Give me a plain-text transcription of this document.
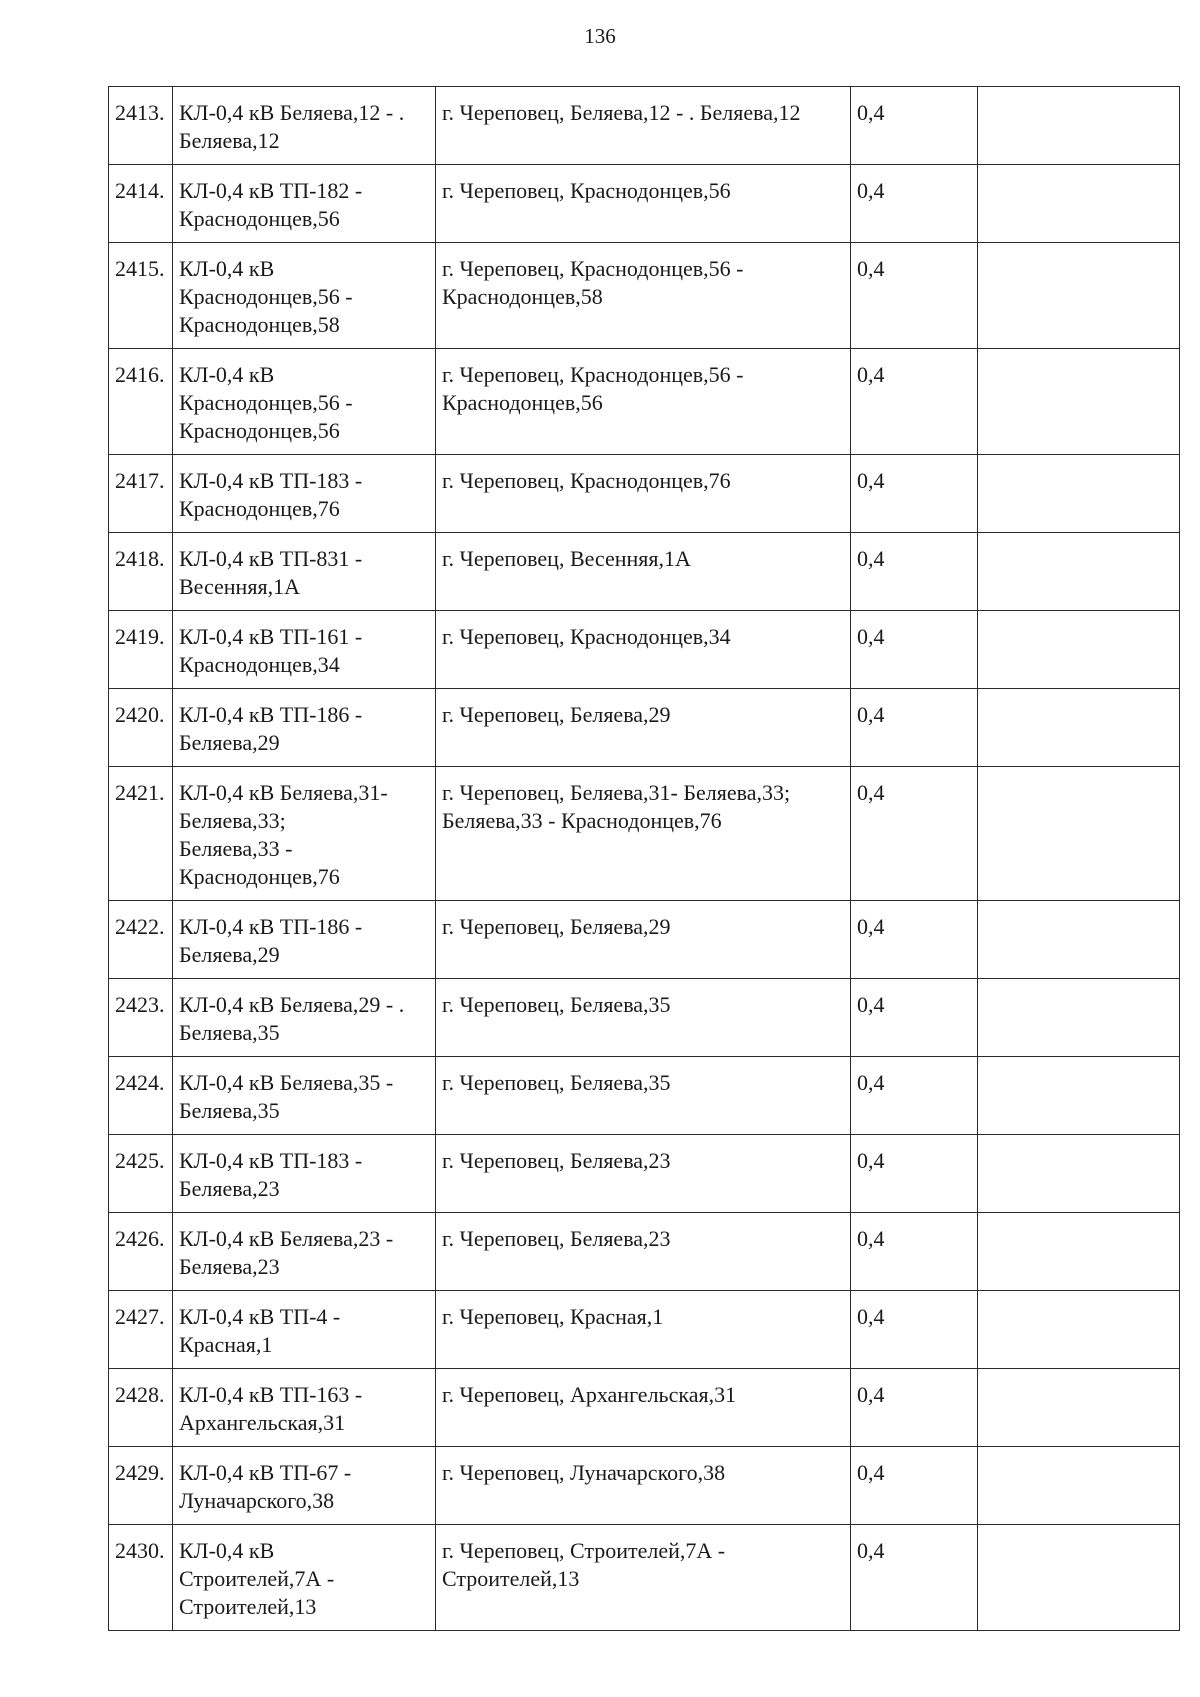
136
2413.	КЛ-0,4 кВ Беляева,12 - .
Беляева,12	г. Череповец, Беляева,12 - . Беляева,12	0,4	
2414.	КЛ-0,4 кВ ТП-182 -
Краснодонцев,56	г. Череповец, Краснодонцев,56	0,4	
2415.	КЛ-0,4 кВ
Краснодонцев,56 -
Краснодонцев,58	г. Череповец, Краснодонцев,56 -
Краснодонцев,58	0,4	
2416.	КЛ-0,4 кВ
Краснодонцев,56 -
Краснодонцев,56	г. Череповец, Краснодонцев,56 -
Краснодонцев,56	0,4	
2417.	КЛ-0,4 кВ ТП-183 -
Краснодонцев,76	г. Череповец, Краснодонцев,76	0,4	
2418.	КЛ-0,4 кВ ТП-831 -
Весенняя,1А	г. Череповец, Весенняя,1А	0,4	
2419.	КЛ-0,4 кВ ТП-161 -
Краснодонцев,34	г. Череповец, Краснодонцев,34	0,4	
2420.	КЛ-0,4 кВ ТП-186 -
Беляева,29	г. Череповец, Беляева,29	0,4	
2421.	КЛ-0,4 кВ Беляева,31-
Беляева,33;
Беляева,33 -
Краснодонцев,76	г. Череповец, Беляева,31- Беляева,33;
Беляева,33 - Краснодонцев,76	0,4	
2422.	КЛ-0,4 кВ ТП-186 -
Беляева,29	г. Череповец, Беляева,29	0,4	
2423.	КЛ-0,4 кВ Беляева,29 - .
Беляева,35	г. Череповец, Беляева,35	0,4	
2424.	КЛ-0,4 кВ Беляева,35 -
Беляева,35	г. Череповец, Беляева,35	0,4	
2425.	КЛ-0,4 кВ ТП-183 -
Беляева,23	г. Череповец, Беляева,23	0,4	
2426.	КЛ-0,4 кВ Беляева,23 -
Беляева,23	г. Череповец, Беляева,23	0,4	
2427.	КЛ-0,4 кВ ТП-4 -
Красная,1	г. Череповец, Красная,1	0,4	
2428.	КЛ-0,4 кВ ТП-163 -
Архангельская,31	г. Череповец, Архангельская,31	0,4	
2429.	КЛ-0,4 кВ ТП-67 -
Луначарского,38	г. Череповец, Луначарского,38	0,4	
2430.	КЛ-0,4 кВ
Строителей,7А -
Строителей,13	г. Череповец, Строителей,7А -
Строителей,13	0,4	
